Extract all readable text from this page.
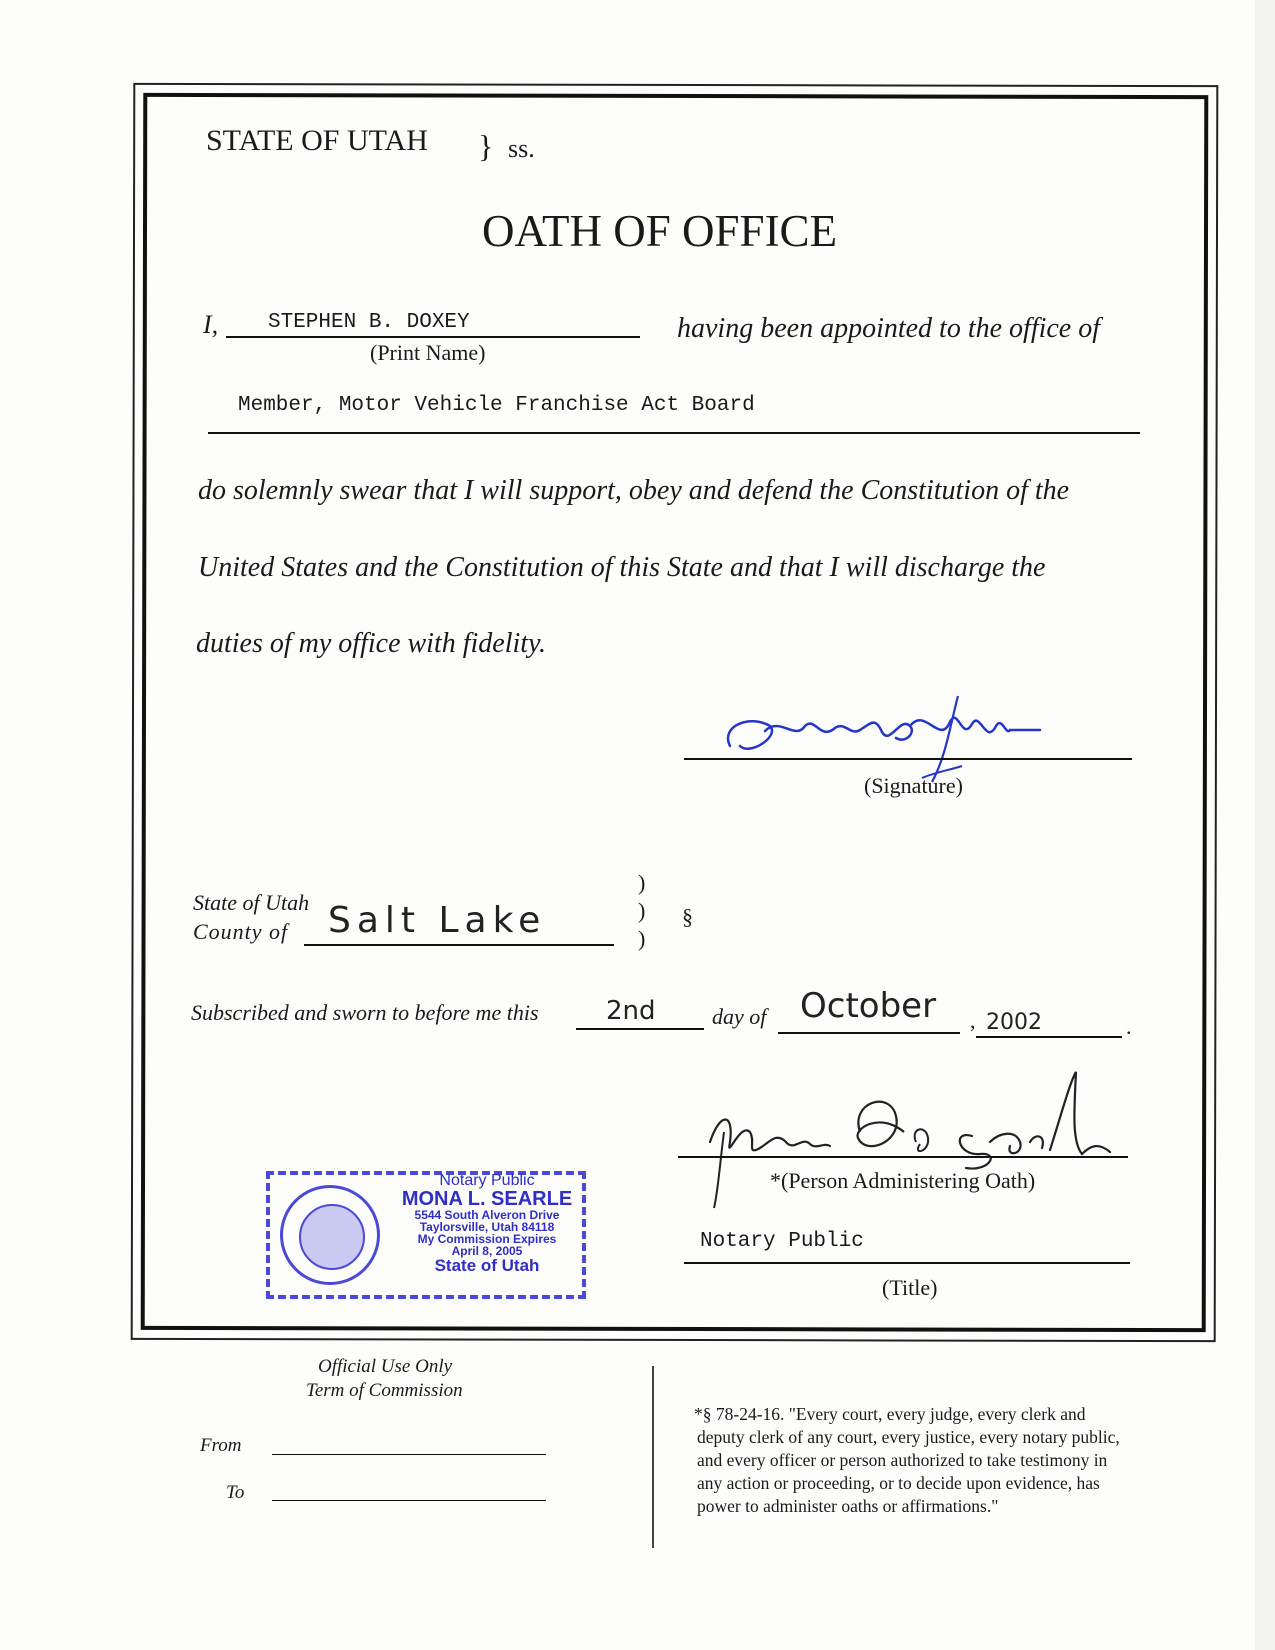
STATE OF UTAH } ss.
OATH OF OFFICE
I, STEPHEN B. DOXEY
(Print Name)
having been appointed to the office of
Member, Motor Vehicle Franchise Act Board
do solemnly swear that I will support, obey and defend the Constitution of the
United States and the Constitution of this State and that I will discharge the
duties of my office with fidelity.
(Signature)
State of Utah
County of Salt Lake
)
)
)
§
Subscribed and sworn to before me this	2nd	day of October , 2002	.
*(Person Administering Oath)
Notary Public
(Title)
Notary Public
MONA L. SEARLE
5544 South Alveron Drive
Taylorsville, Utah 84118
My Commission Expires
April 8, 2005
State of Utah
Official Use Only
Term of Commission
From
To
*§ 78-24-16. "Every court, every judge, every clerk and
deputy clerk of any court, every justice, every notary public,
and every officer or person authorized to take testimony in
any action or proceeding, or to decide upon evidence, has
power to administer oaths or affirmations."
